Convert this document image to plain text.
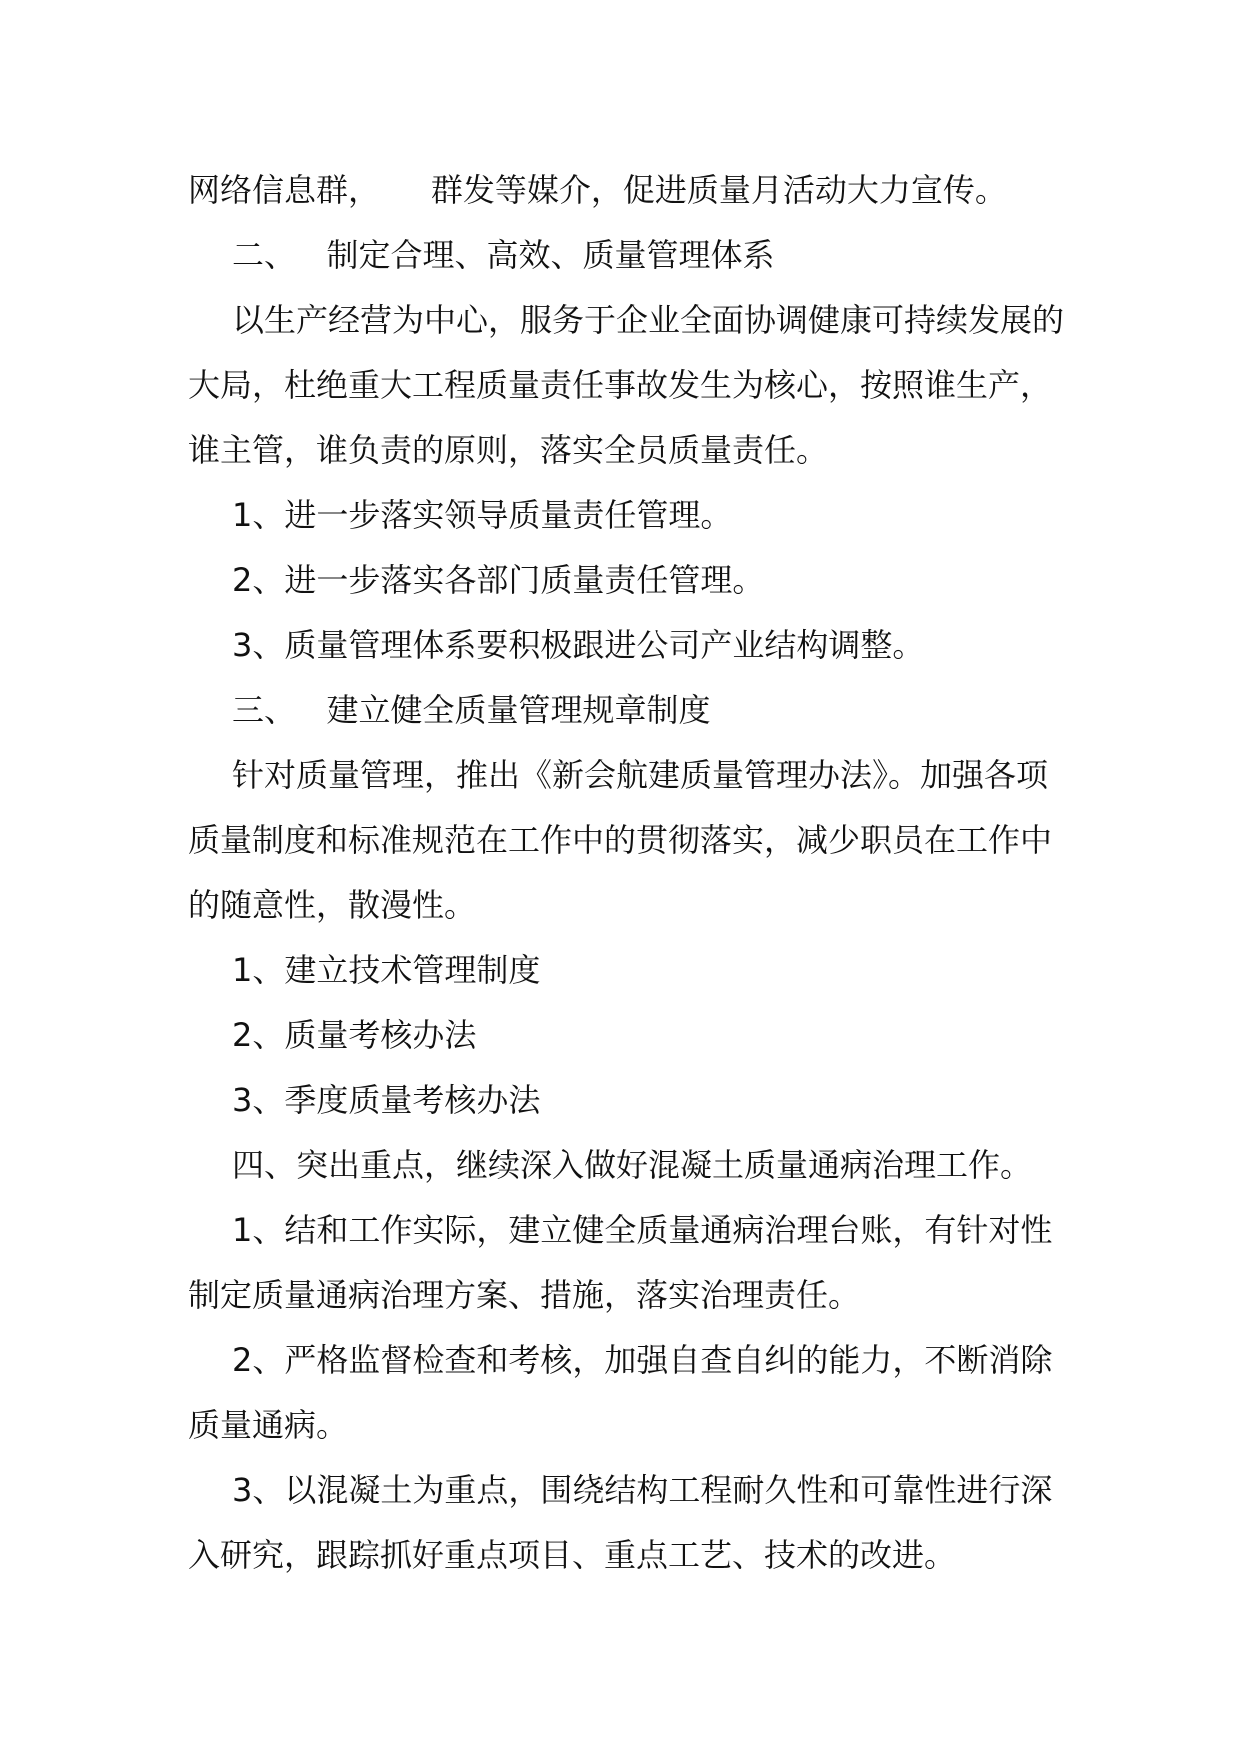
网络信息群，     群发等媒介，促进质量月活动大力宣传。

二、   制定合理、高效、质量管理体系

以生产经营为中心，服务于企业全面协调健康可持续发展的大局，杜绝重大工程质量责任事故发生为核心，按照谁生产，谁主管，谁负责的原则，落实全员质量责任。

1、进一步落实领导质量责任管理。

2、进一步落实各部门质量责任管理。

3、质量管理体系要积极跟进公司产业结构调整。

三、   建立健全质量管理规章制度

针对质量管理，推出《新会航建质量管理办法》。加强各项质量制度和标准规范在工作中的贯彻落实，减少职员在工作中的随意性，散漫性。

1、建立技术管理制度

2、质量考核办法

3、季度质量考核办法

四、突出重点，继续深入做好混凝土质量通病治理工作。

1、结和工作实际，建立健全质量通病治理台账，有针对性制定质量通病治理方案、措施，落实治理责任。

2、严格监督检查和考核，加强自查自纠的能力，不断消除质量通病。

3、以混凝土为重点，围绕结构工程耐久性和可靠性进行深入研究，跟踪抓好重点项目、重点工艺、技术的改进。
